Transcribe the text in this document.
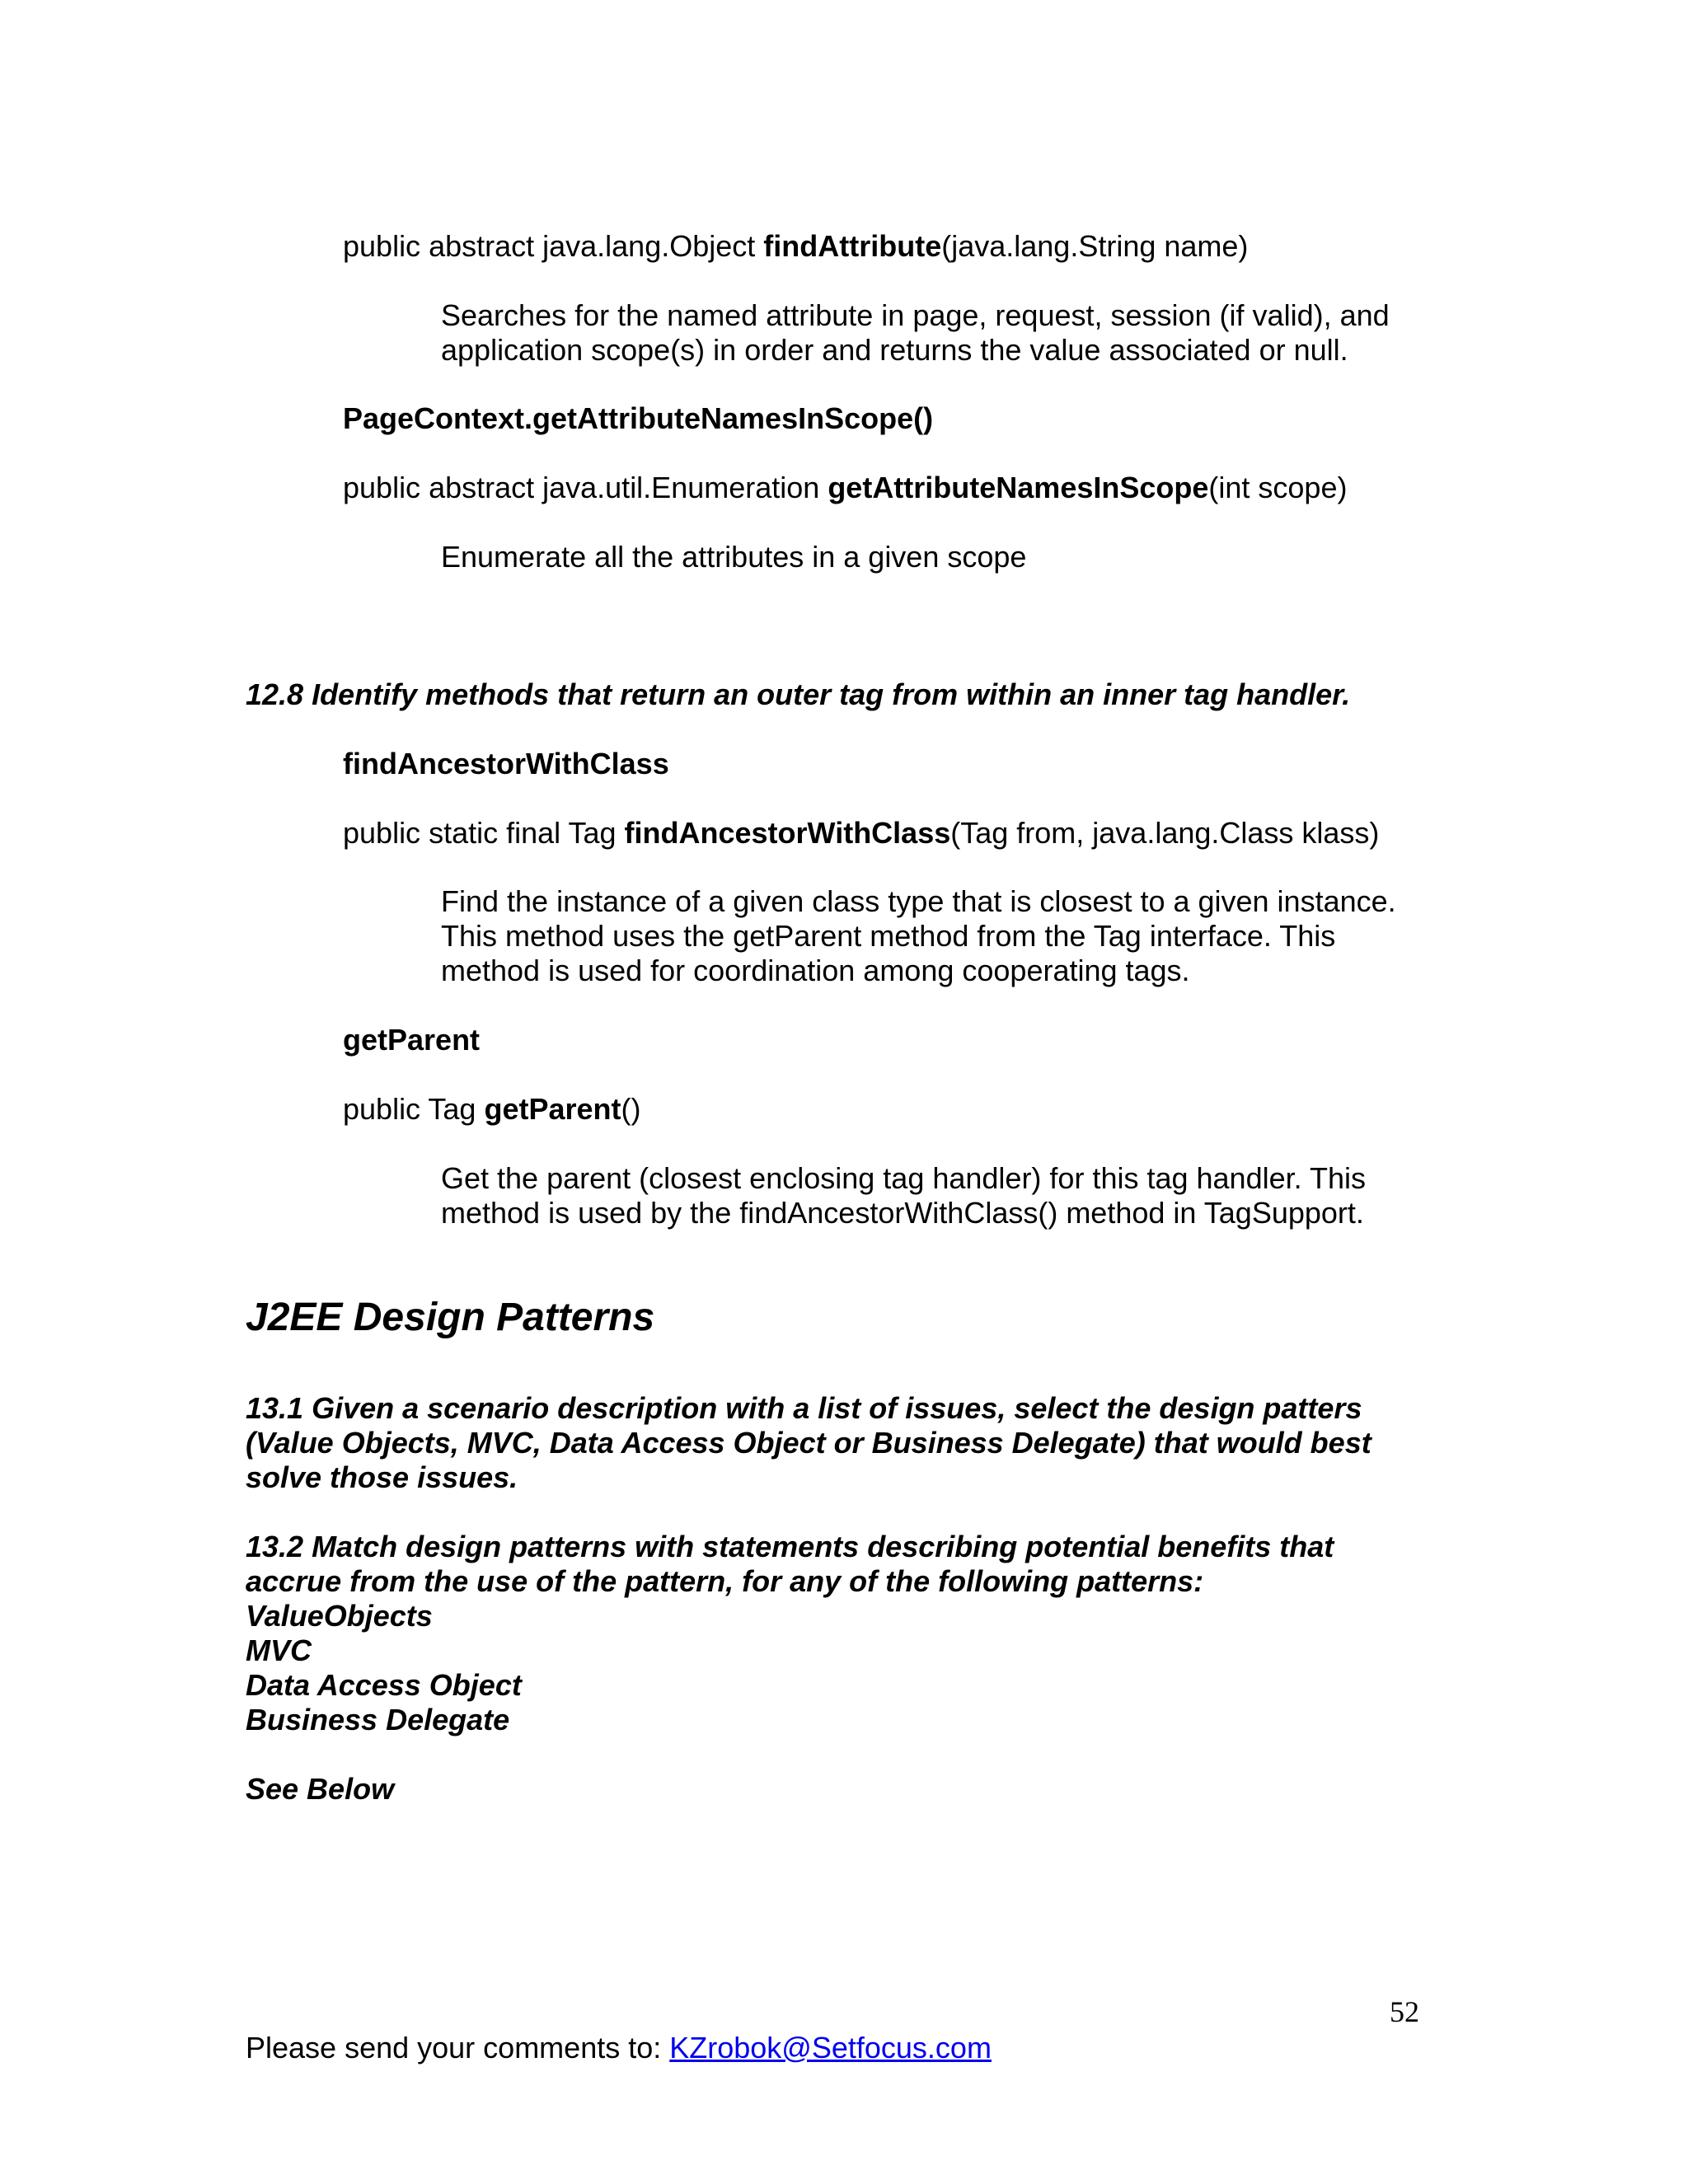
public abstract java.lang.Object findAttribute(java.lang.String name)
Searches for the named attribute in page, request, session (if valid), and
application scope(s) in order and returns the value associated or null.
PageContext.getAttributeNamesInScope()
public abstract java.util.Enumeration getAttributeNamesInScope(int scope)
Enumerate all the attributes in a given scope
12.8 Identify methods that return an outer tag from within an inner tag handler.
findAncestorWithClass
public static final Tag findAncestorWithClass(Tag from, java.lang.Class klass)
Find the instance of a given class type that is closest to a given instance.
This method uses the getParent method from the Tag interface. This
method is used for coordination among cooperating tags.
getParent
public Tag getParent()
Get the parent (closest enclosing tag handler) for this tag handler. This
method is used by the findAncestorWithClass() method in TagSupport.
J2EE Design Patterns
13.1 Given a scenario description with a list of issues, select the design patters
(Value Objects, MVC, Data Access Object or Business Delegate) that would best
solve those issues.
13.2 Match design patterns with statements describing potential benefits that
accrue from the use of the pattern, for any of the following patterns:
ValueObjects
MVC
Data Access Object
Business Delegate
See Below
52
Please send your comments to: KZrobok@Setfocus.com
